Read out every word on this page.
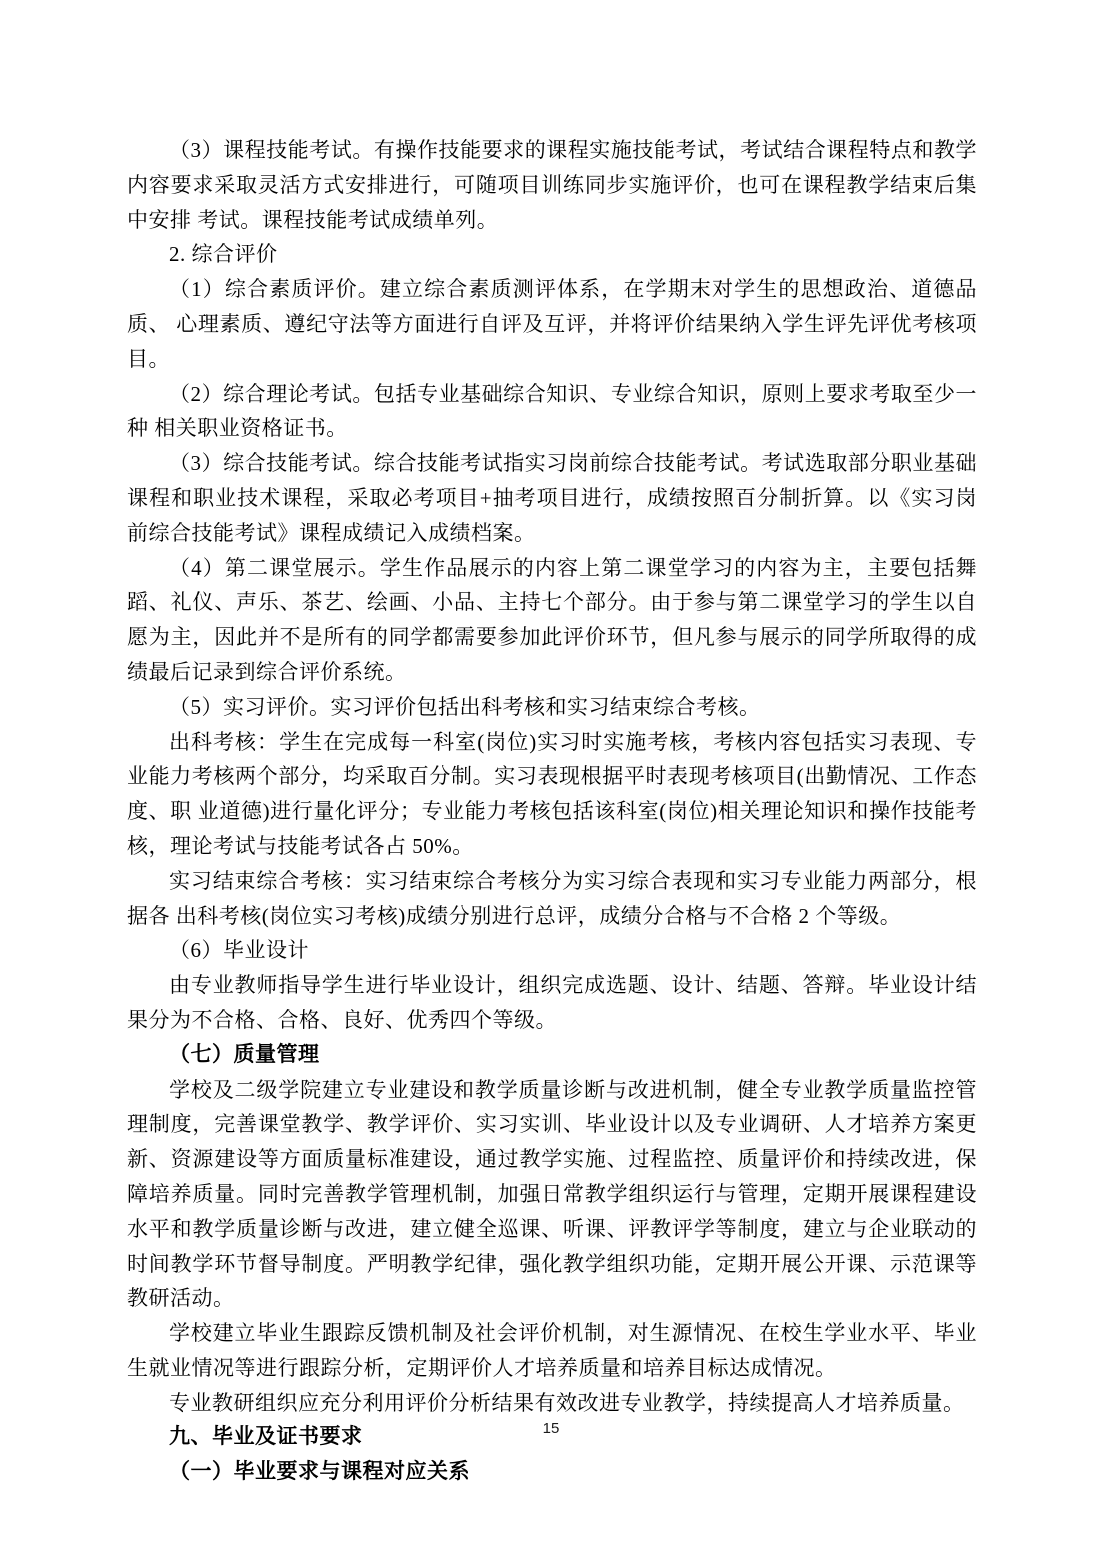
（3）课程技能考试。有操作技能要求的课程实施技能考试，考试结合课程特点和教学内容要求采取灵活方式安排进行，可随项目训练同步实施评价，也可在课程教学结束后集中安排 考试。课程技能考试成绩单列。

2. 综合评价

（1）综合素质评价。建立综合素质测评体系，在学期末对学生的思想政治、道德品质、 心理素质、遵纪守法等方面进行自评及互评，并将评价结果纳入学生评先评优考核项目。

（2）综合理论考试。包括专业基础综合知识、专业综合知识，原则上要求考取至少一种 相关职业资格证书。

（3）综合技能考试。综合技能考试指实习岗前综合技能考试。考试选取部分职业基础课程和职业技术课程，采取必考项目+抽考项目进行，成绩按照百分制折算。以《实习岗前综合技能考试》课程成绩记入成绩档案。

（4）第二课堂展示。学生作品展示的内容上第二课堂学习的内容为主，主要包括舞蹈、礼仪、声乐、茶艺、绘画、小品、主持七个部分。由于参与第二课堂学习的学生以自愿为主，因此并不是所有的同学都需要参加此评价环节，但凡参与展示的同学所取得的成绩最后记录到综合评价系统。

（5）实习评价。实习评价包括出科考核和实习结束综合考核。

出科考核：学生在完成每一科室(岗位)实习时实施考核，考核内容包括实习表现、专业能力考核两个部分，均采取百分制。实习表现根据平时表现考核项目(出勤情况、工作态度、职 业道德)进行量化评分；专业能力考核包括该科室(岗位)相关理论知识和操作技能考核，理论考试与技能考试各占 50%。

实习结束综合考核：实习结束综合考核分为实习综合表现和实习专业能力两部分，根据各 出科考核(岗位实习考核)成绩分别进行总评，成绩分合格与不合格 2 个等级。

（6）毕业设计

由专业教师指导学生进行毕业设计，组织完成选题、设计、结题、答辩。毕业设计结果分为不合格、合格、良好、优秀四个等级。

（七）质量管理

学校及二级学院建立专业建设和教学质量诊断与改进机制，健全专业教学质量监控管理制度，完善课堂教学、教学评价、实习实训、毕业设计以及专业调研、人才培养方案更新、资源建设等方面质量标准建设，通过教学实施、过程监控、质量评价和持续改进，保障培养质量。同时完善教学管理机制，加强日常教学组织运行与管理，定期开展课程建设水平和教学质量诊断与改进，建立健全巡课、听课、评教评学等制度，建立与企业联动的时间教学环节督导制度。严明教学纪律，强化教学组织功能，定期开展公开课、示范课等教研活动。

学校建立毕业生跟踪反馈机制及社会评价机制，对生源情况、在校生学业水平、毕业生就业情况等进行跟踪分析，定期评价人才培养质量和培养目标达成情况。

专业教研组织应充分利用评价分析结果有效改进专业教学，持续提高人才培养质量。

九、毕业及证书要求

（一）毕业要求与课程对应关系

15
